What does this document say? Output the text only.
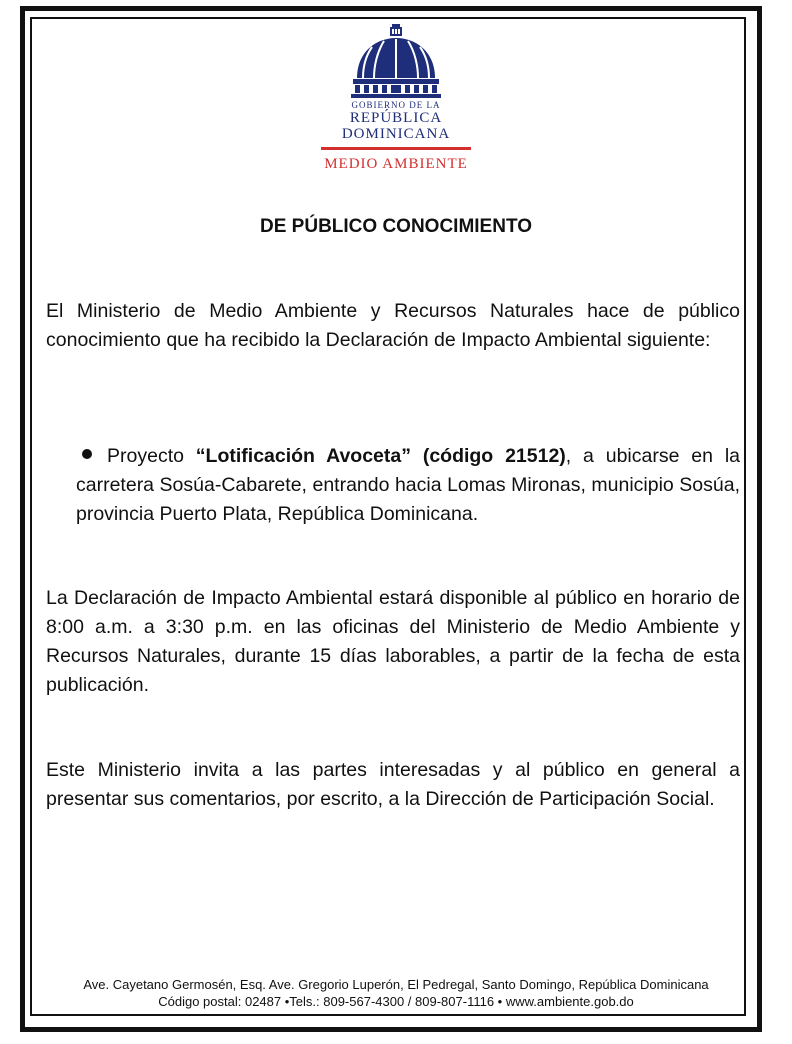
GOBIERNO DE LA
REPÚBLICA DOMINICANA
MEDIO AMBIENTE
DE PÚBLICO CONOCIMIENTO
El Ministerio de Medio Ambiente y Recursos Naturales hace de público conocimiento que ha recibido la Declaración de Impacto Ambiental siguiente:
Proyecto “Lotificación Avoceta” (código 21512), a ubicarse en la carretera Sosúa-Cabarete, entrando hacia Lomas Mironas, municipio Sosúa, provincia Puerto Plata, República Dominicana.
La Declaración de Impacto Ambiental estará disponible al público en horario de 8:00 a.m. a 3:30 p.m. en las oficinas del Ministerio de Medio Ambiente y Recursos Naturales, durante 15 días laborables, a partir de la fecha de esta publicación.
Este Ministerio invita a las partes interesadas y al público en general a presentar sus comentarios, por escrito, a la Dirección de Participación Social.
Ave. Cayetano Germosén, Esq. Ave. Gregorio Luperón, El Pedregal, Santo Domingo, República Dominicana
Código postal: 02487 •Tels.: 809-567-4300 / 809-807-1116 • www.ambiente.gob.do
